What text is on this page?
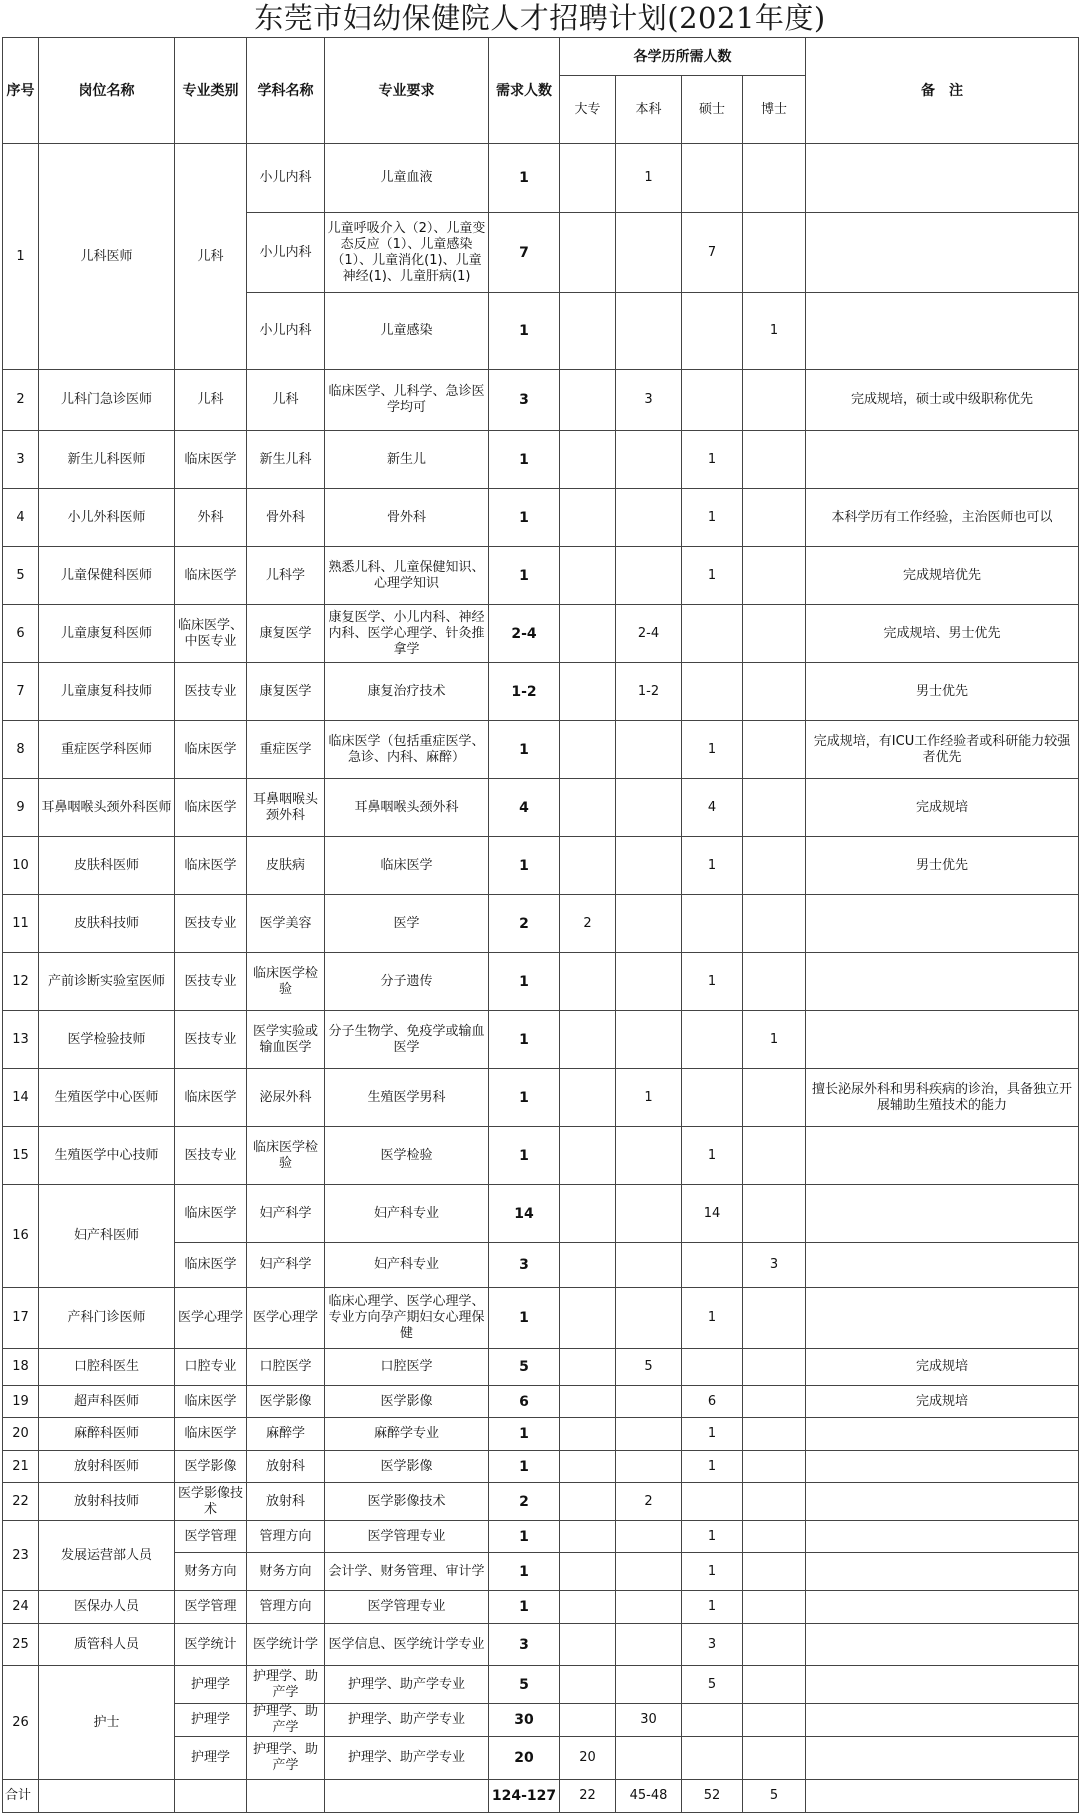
东莞市妇幼保健院人才招聘计划(2021年度)
序号	岗位名称	专业类别	学科名称	专业要求	需求人数	各学历所需人数				备　注
						大专	本科	硕士	博士	
1	儿科医师	儿科	小儿内科	儿童血液	1		1			
			小儿内科	儿童呼吸介入（2）、儿童变态反应（1）、儿童感染（1）、儿童消化(1)、儿童神经(1)、儿童肝病(1)	7			7		
			小儿内科	儿童感染	1				1	
2	儿科门急诊医师	儿科	儿科	临床医学、儿科学、急诊医学均可	3		3			完成规培，硕士或中级职称优先
3	新生儿科医师	临床医学	新生儿科	新生儿	1			1		
4	小儿外科医师	外科	骨外科	骨外科	1			1		本科学历有工作经验，主治医师也可以
5	儿童保健科医师	临床医学	儿科学	熟悉儿科、儿童保健知识、心理学知识	1			1		完成规培优先
6	儿童康复科医师	临床医学、中医专业	康复医学	康复医学、小儿内科、神经内科、医学心理学、针灸推拿学	2-4		2-4			完成规培、男士优先
7	儿童康复科技师	医技专业	康复医学	康复治疗技术	1-2		1-2			男士优先
8	重症医学科医师	临床医学	重症医学	临床医学（包括重症医学、急诊、内科、麻醉）	1			1		完成规培，有ICU工作经验者或科研能力较强者优先
9	耳鼻咽喉头颈外科医师	临床医学	耳鼻咽喉头颈外科	耳鼻咽喉头颈外科	4			4		完成规培
10	皮肤科医师	临床医学	皮肤病	临床医学	1			1		男士优先
11	皮肤科技师	医技专业	医学美容	医学	2	2				
12	产前诊断实验室医师	医技专业	临床医学检验	分子遗传	1			1		
13	医学检验技师	医技专业	医学实验或输血医学	分子生物学、免疫学或输血医学	1				1	
14	生殖医学中心医师	临床医学	泌尿外科	生殖医学男科	1		1			擅长泌尿外科和男科疾病的诊治，具备独立开展辅助生殖技术的能力
15	生殖医学中心技师	医技专业	临床医学检验	医学检验	1			1		
16	妇产科医师	临床医学	妇产科学	妇产科专业	14			14		
		临床医学	妇产科学	妇产科专业	3				3	
17	产科门诊医师	医学心理学	医学心理学	临床心理学、医学心理学、专业方向孕产期妇女心理保健	1			1		
18	口腔科医生	口腔专业	口腔医学	口腔医学	5		5			完成规培
19	超声科医师	临床医学	医学影像	医学影像	6			6		完成规培
20	麻醉科医师	临床医学	麻醉学	麻醉学专业	1			1		
21	放射科医师	医学影像	放射科	医学影像	1			1		
22	放射科技师	医学影像技术	放射科	医学影像技术	2		2			
23	发展运营部人员	医学管理	管理方向	医学管理专业	1			1		
		财务方向	财务方向	会计学、财务管理、审计学	1			1		
24	医保办人员	医学管理	管理方向	医学管理专业	1			1		
25	质管科人员	医学统计	医学统计学	医学信息、医学统计学专业	3			3		
26	护士	护理学	护理学、助产学	护理学、助产学专业	5			5		
		护理学	护理学、助产学	护理学、助产学专业	30		30			
		护理学	护理学、助产学	护理学、助产学专业	20	20				
合计					124-127	22	45-48	52	5	
